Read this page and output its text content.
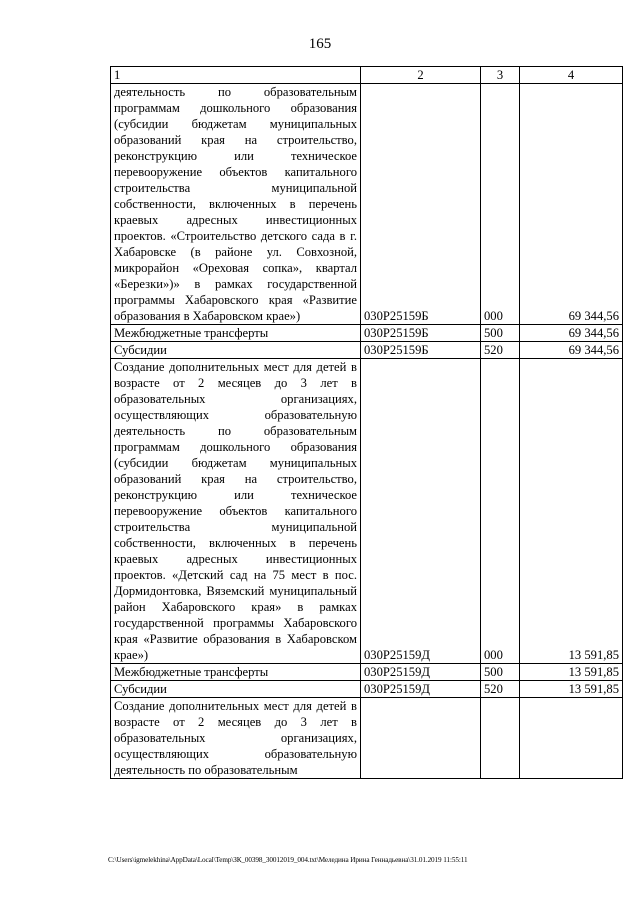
165
1	2	3	4
деятельность по образовательным программам дошкольного образования (субсидии бюджетам муниципальных образований края на строительство, реконструкцию или техническое перевооружение объектов капитального строительства муниципальной собственности, включенных в перечень краевых адресных инвестиционных проектов. «Строительство детского сада в г. Хабаровске (в районе ул. Совхозной, микрорайон «Ореховая сопка», квартал «Березки»)» в рамках государственной программы Хабаровского края «Развитие образования в Хабаровском крае»)	030Р25159Б	000	69 344,56
Межбюджетные трансферты	030Р25159Б	500	69 344,56
Субсидии	030Р25159Б	520	69 344,56
Создание дополнительных мест для детей в возрасте от 2 месяцев до 3 лет в образовательных организациях, осуществляющих образовательную деятельность по образовательным программам дошкольного образования (субсидии бюджетам муниципальных образований края на строительство, реконструкцию или техническое перевооружение объектов капитального строительства муниципальной собственности, включенных в перечень краевых адресных инвестиционных проектов. «Детский сад на 75 мест в пос. Дормидонтовка, Вяземский муниципальный район Хабаровского края» в рамках государственной программы Хабаровского края «Развитие образования в Хабаровском крае»)	030Р25159Д	000	13 591,85
Межбюджетные трансферты	030Р25159Д	500	13 591,85
Субсидии	030Р25159Д	520	13 591,85
Создание дополнительных мест для детей в возрасте от 2 месяцев до 3 лет в образовательных организациях, осуществляющих образовательную деятельность по образовательным			
C:\Users\igmelekhina\AppData\Local\Temp\ЗК_00398_30012019_004.txt\Меледина Ирина Геннадьевна\31.01.2019 11:55:11
